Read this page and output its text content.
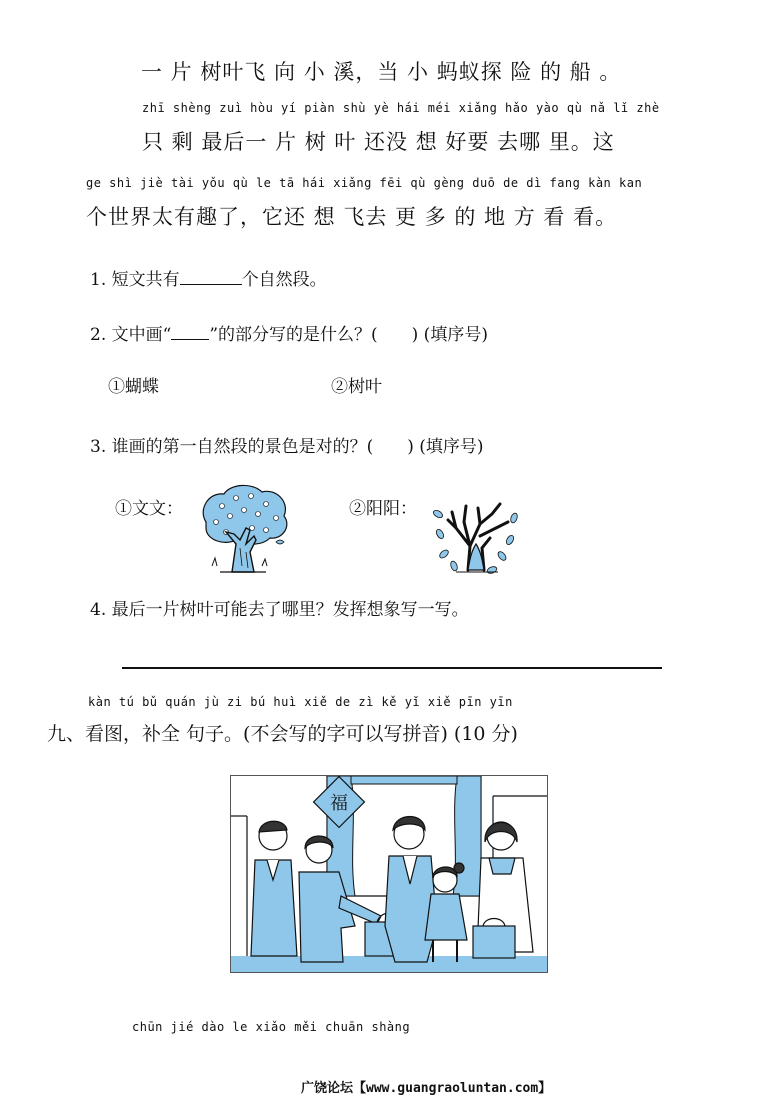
一 片 树叶飞 向 小 溪，当 小 蚂蚁探 险 的 船 。
zhī shèng zuì hòu yí piàn shù yè hái méi xiǎng hǎo yào qù nǎ lǐ zhè
只 剩 最后一 片 树 叶 还没 想 好要 去哪 里。这
ge shì jiè tài yǒu qù le tā hái xiǎng fēi qù gèng duō de dì fang kàn kan
个世界太有趣了，它还 想 飞去 更 多 的 地 方 看 看。
1. 短文共有	个自然段。
2. 文中画“ ”的部分写的是什么？(　　) (填序号)
①蝴蝶	②树叶
3. 谁画的第一自然段的景色是对的？(　　) (填序号)
①文文：	②阳阳：
4. 最后一片树叶可能去了哪里？发挥想象写一写。
kàn tú bǔ quán jù zi bú huì xiě de zì kě yǐ xiě pīn yīn
九、看图，补全 句子。(不会写的字可以写拼音) (10 分)
福
chūn jié dào le xiǎo měi chuān shàng
广饶论坛【www.guangraoluntan.com】
